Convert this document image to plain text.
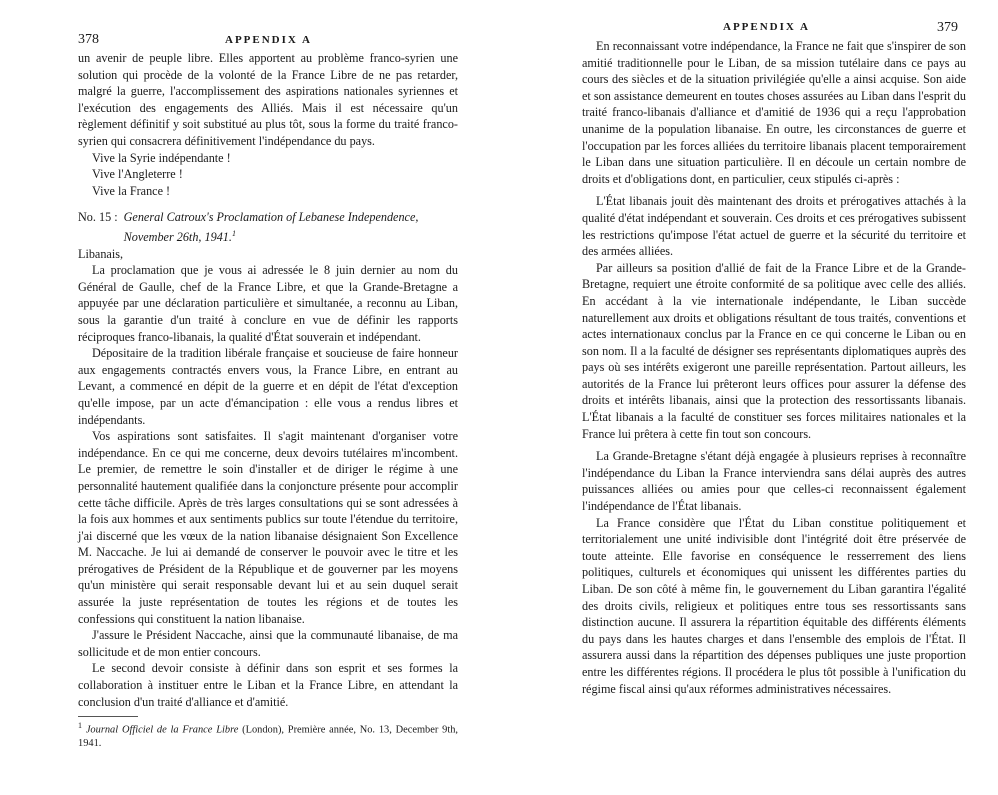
378	APPENDIX A

un avenir de peuple libre. Elles apportent au problème franco-syrien une solution qui procède de la volonté de la France Libre de ne pas retarder, malgré la guerre, l'accomplissement des aspirations nationales syriennes et l'exécution des engagements des Alliés. Mais il est nécessaire qu'un règlement définitif y soit substitué au plus tôt, sous la forme du traité franco-syrien qui consacrera définitivement l'indépendance du pays.

Vive la Syrie indépendante !

Vive l'Angleterre !

Vive la France !

No. 15 : General Catroux's Proclamation of Lebanese Independence, November 26th, 1941.$^1$

Libanais,

La proclamation que je vous ai adressée le 8 juin dernier au nom du Général de Gaulle, chef de la France Libre, et que la Grande-Bretagne a appuyée par une déclaration particulière et simultanée, a reconnu au Liban, sous la garantie d'un traité à conclure en vue de définir les rapports réciproques franco-libanais, la qualité d'État souverain et indépendant.

Dépositaire de la tradition libérale française et soucieuse de faire honneur aux engagements contractés envers vous, la France Libre, en entrant au Levant, a commencé en dépit de la guerre et en dépit de l'état d'exception qu'elle impose, par un acte d'émancipation : elle vous a rendus libres et indépendants.

Vos aspirations sont satisfaites. Il s'agit maintenant d'organiser votre indépendance. En ce qui me concerne, deux devoirs tutélaires m'incombent. Le premier, de remettre le soin d'installer et de diriger le régime à une personnalité hautement qualifiée dans la conjoncture présente pour accomplir cette tâche difficile. Après de très larges consultations qui se sont adressées à la fois aux hommes et aux sentiments publics sur toute l'étendue du territoire, j'ai discerné que les vœux de la nation libanaise désignaient Son Excellence M. Naccache. Je lui ai demandé de conserver le pouvoir avec le titre et les prérogatives de Président de la République et de gouverner par les moyens qu'un ministère qui serait responsable devant lui et au sein duquel serait assurée la juste représentation de toutes les régions et de toutes les confessions qui constituent la nation libanaise.

J'assure le Président Naccache, ainsi que la communauté libanaise, de ma sollicitude et de mon entier concours.

Le second devoir consiste à définir dans son esprit et ses formes la collaboration à instituer entre le Liban et la France Libre, en attendant la conclusion d'un traité d'alliance et d'amitié.

$^1$ Journal Officiel de la France Libre (London), Première année, No. 13, December 9th, 1941.
APPENDIX A	379

En reconnaissant votre indépendance, la France ne fait que s'inspirer de son amitié traditionnelle pour le Liban, de sa mission tutélaire dans ce pays au cours des siècles et de la situation privilégiée qu'elle a ainsi acquise. Son aide et son assistance demeurent en toutes choses assurées au Liban dans l'esprit du traité franco-libanais d'alliance et d'amitié de 1936 qui a reçu l'approbation unanime de la population libanaise. En outre, les circonstances de guerre et l'occupation par les forces alliées du territoire libanais placent temporairement le Liban dans une situation particulière. Il en découle un certain nombre de droits et d'obligations dont, en particulier, ceux stipulés ci-après :

L'État libanais jouit dès maintenant des droits et prérogatives attachés à la qualité d'état indépendant et souverain. Ces droits et ces prérogatives subissent les restrictions qu'impose l'état actuel de guerre et la sécurité du territoire et des armées alliées.

Par ailleurs sa position d'allié de fait de la France Libre et de la Grande-Bretagne, requiert une étroite conformité de sa politique avec celle des alliés. En accédant à la vie internationale indépendante, le Liban succède naturellement aux droits et obligations résultant de tous traités, conventions et actes internationaux conclus par la France en ce qui concerne le Liban ou en son nom. Il a la faculté de désigner ses représentants diplomatiques auprès des pays où ses intérêts exigeront une pareille représentation. Partout ailleurs, les autorités de la France lui prêteront leurs offices pour assurer la défense des droits et intérêts libanais, ainsi que la protection des ressortissants libanais. L'État libanais a la faculté de constituer ses forces militaires nationales et la France lui prêtera à cette fin tout son concours.

La Grande-Bretagne s'étant déjà engagée à plusieurs reprises à reconnaître l'indépendance du Liban la France interviendra sans délai auprès des autres puissances alliées ou amies pour que celles-ci reconnaissent également l'indépendance de l'État libanais.

La France considère que l'État du Liban constitue politiquement et territorialement une unité indivisible dont l'intégrité doit être préservée de toute atteinte. Elle favorise en conséquence le resserrement des liens politiques, culturels et économiques qui unissent les différentes parties du Liban. De son côté à même fin, le gouvernement du Liban garantira l'égalité des droits civils, religieux et politiques entre tous ses ressortissants sans distinction aucune. Il assurera la répartition équitable des différents éléments du pays dans les hautes charges et dans l'ensemble des emplois de l'État. Il assurera aussi dans la répartition des dépenses publiques une juste proportion entre les différentes régions. Il procédera le plus tôt possible à l'unification du régime fiscal ainsi qu'aux réformes administratives nécessaires.
